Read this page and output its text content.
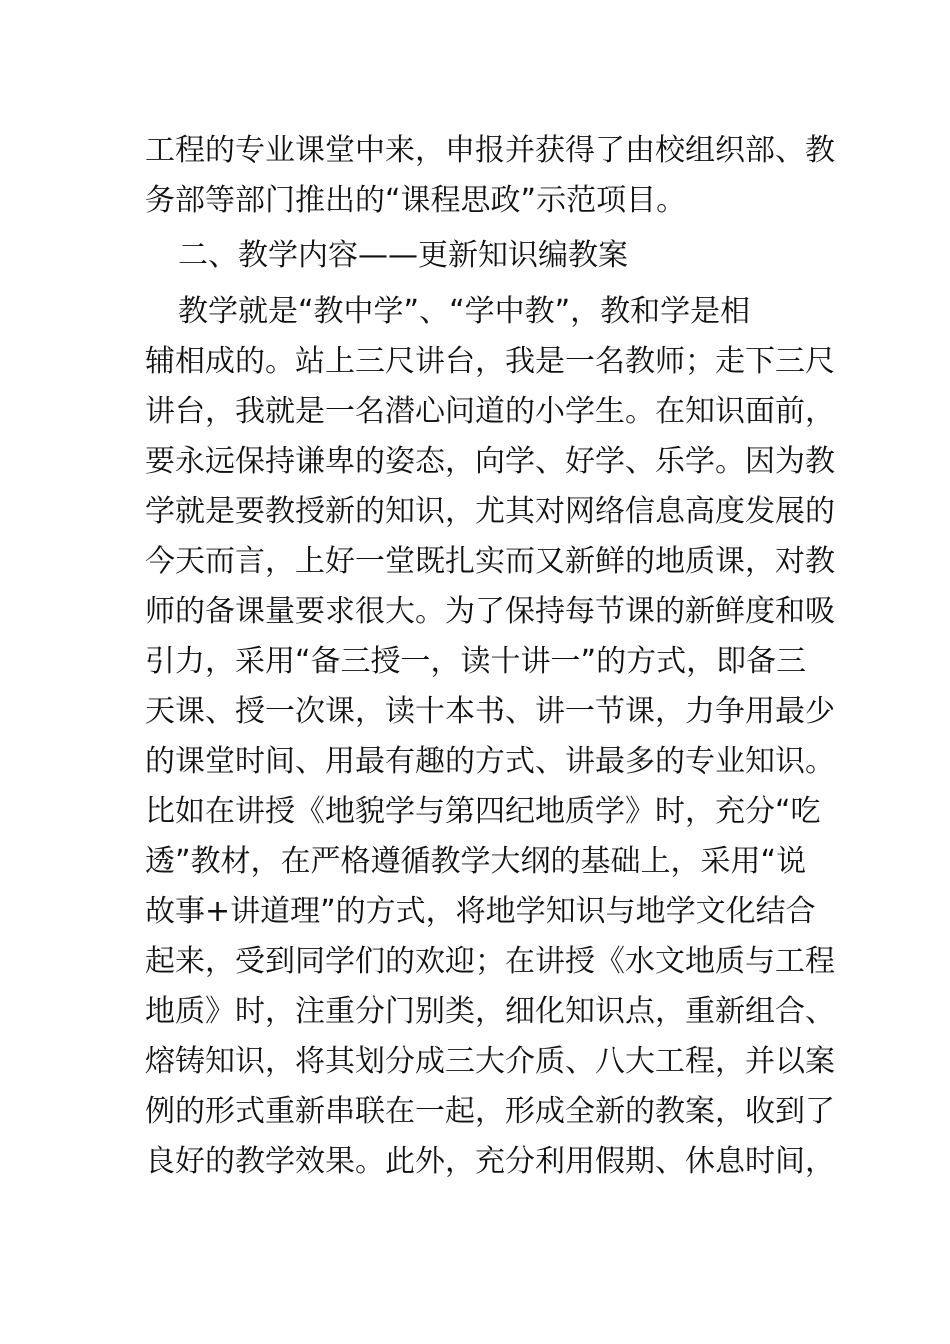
工程的专业课堂中来，申报并获得了由校组织部、教
务部等部门推出的“课程思政”示范项目。
二、教学内容——更新知识编教案
教学就是“教中学”、“学中教”，教和学是相
辅相成的。站上三尺讲台，我是一名教师；走下三尺
讲台，我就是一名潜心问道的小学生。在知识面前，
要永远保持谦卑的姿态，向学、好学、乐学。因为教
学就是要教授新的知识，尤其对网络信息高度发展的
今天而言，上好一堂既扎实而又新鲜的地质课，对教
师的备课量要求很大。为了保持每节课的新鲜度和吸
引力，采用“备三授一，读十讲一”的方式，即备三
天课、授一次课，读十本书、讲一节课，力争用最少
的课堂时间、用最有趣的方式、讲最多的专业知识。
比如在讲授《地貌学与第四纪地质学》时，充分“吃
透”教材，在严格遵循教学大纲的基础上，采用“说
故事+讲道理”的方式，将地学知识与地学文化结合
起来，受到同学们的欢迎；在讲授《水文地质与工程
地质》时，注重分门别类，细化知识点，重新组合、
熔铸知识，将其划分成三大介质、八大工程，并以案
例的形式重新串联在一起，形成全新的教案，收到了
良好的教学效果。此外，充分利用假期、休息时间，
